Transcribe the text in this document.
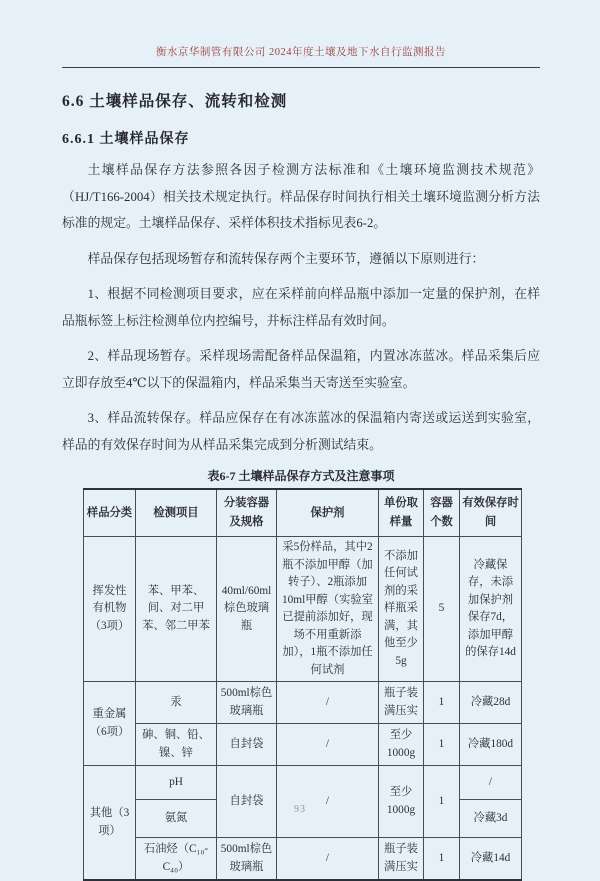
衡水京华制管有限公司 2024年度土壤及地下水自行监测报告
6.6 土壤样品保存、流转和检测
6.6.1 土壤样品保存

土壤样品保存方法参照各因子检测方法标准和《土壤环境监测技术规范》（HJ/T166-2004）相关技术规定执行。样品保存时间执行相关土壤环境监测分析方法标准的规定。土壤样品保存、采样体积技术指标见表6-2。

样品保存包括现场暂存和流转保存两个主要环节，遵循以下原则进行：

1、根据不同检测项目要求，应在采样前向样品瓶中添加一定量的保护剂，在样品瓶标签上标注检测单位内控编号，并标注样品有效时间。

2、样品现场暂存。采样现场需配备样品保温箱，内置冰冻蓝冰。样品采集后应立即存放至4℃以下的保温箱内，样品采集当天寄送至实验室。

3、样品流转保存。样品应保存在有冰冻蓝冰的保温箱内寄送或运送到实验室，样品的有效保存时间为从样品采集完成到分析测试结束。

表6-7 土壤样品保存方式及注意事项
样品分类	检测项目	分装容器及规格	保护剂	单份取样量	容器个数	有效保存时间
挥发性有机物（3项）	苯、甲苯、间、对二甲苯、邻二甲苯	40ml/60ml棕色玻璃瓶	采5份样品，其中2瓶不添加甲醇（加转子）、2瓶添加10ml甲醇（实验室已提前添加好，现场不用重新添加），1瓶不添加任何试剂	不添加任何试剂的采样瓶采满，其他至少5g	5	冷藏保存，未添加保护剂保存7d，添加甲醇的保存14d
重金属（6项）	汞	500ml棕色玻璃瓶	/	瓶子装满压实	1	冷藏28d
	砷、铜、铅、镍、锌	自封袋	/	至少1000g	1	冷藏180d
其他（3项）	pH	自封袋	/	至少1000g	1	/
	氨氮					冷藏3d
	石油烃（C₁₀-C₄₀）	500ml棕色玻璃瓶	/	瓶子装满压实	1	冷藏14d
93
